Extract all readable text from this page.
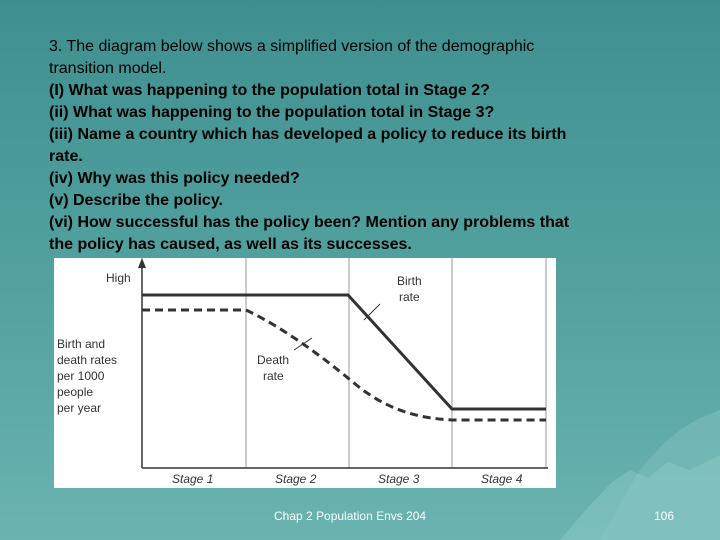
3. The diagram below shows a simplified version of the demographic
transition model.
(I) What was happening to the population total in Stage 2?
(ii) What was happening to the population total in Stage 3?
(iii) Name a country which has developed a policy to reduce its birth
rate.
(iv) Why was this policy needed?
(v) Describe the policy.
(vi) How successful has the policy been? Mention any problems that
the policy has caused, as well as its successes.
High
Birth and
death rates
per 1000
people
per year
Birth
rate
Death
rate
Stage 1	Stage 2	Stage 3	Stage 4
Chap 2 Population Envs 204	106
